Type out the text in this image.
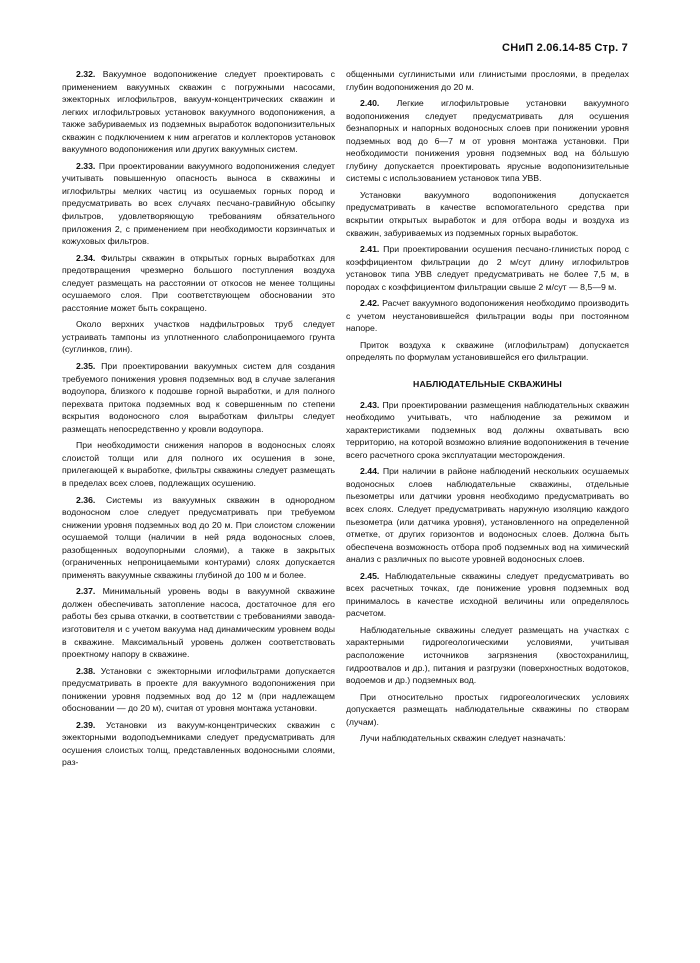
СНиП 2.06.14-85 Стр. 7

2.32. Вакуумное водопонижение следует проектировать с применением вакуумных скважин с погружными насосами, эжекторных иглофильтров, вакуум-концентрических скважин и легких иглофильтровых установок вакуумного водопонижения, а также забуриваемых из подземных выработок водопонизительных скважин с подключением к ним агрегатов и коллекторов установок вакуумного водопонижения или других вакуумных систем.

2.33. При проектировании вакуумного водопонижения следует учитывать повышенную опасность выноса в скважины и иглофильтры мелких частиц из осушаемых горных пород и предусматривать во всех случаях песчано-гравийную обсыпку фильтров, удовлетворяющую требованиям обязательного приложения 2, с применением при необходимости корзинчатых и кожуховых фильтров.

2.34. Фильтры скважин в открытых горных выработках для предотвращения чрезмерно большого поступления воздуха следует размещать на расстоянии от откосов не менее толщины осушаемого слоя. При соответствующем обосновании это расстояние может быть сокращено.

Около верхних участков надфильтровых труб следует устраивать тампоны из уплотненного слабопроницаемого грунта (суглинков, глин).

2.35. При проектировании вакуумных систем для создания требуемого понижения уровня подземных вод в случае залегания водоупора, близкого к подошве горной выработки, и для полного перехвата притока подземных вод к совершенным по степени вскрытия водоносного слоя выработкам фильтры следует размещать непосредственно у кровли водоупора.

При необходимости снижения напоров в водоносных слоях слоистой толщи или для полного их осушения в зоне, прилегающей к выработке, фильтры скважины следует размещать в пределах всех слоев, подлежащих осушению.

2.36. Системы из вакуумных скважин в однородном водоносном слое следует предусматривать при требуемом снижении уровня подземных вод до 20 м. При слоистом сложении осушаемой толщи (наличии в ней ряда водоносных слоев, разобщенных водоупорными слоями), а также в закрытых (ограниченных непроницаемыми контурами) слоях допускается применять вакуумные скважины глубиной до 100 м и более.

2.37. Минимальный уровень воды в вакуумной скважине должен обеспечивать затопление насоса, достаточное для его работы без срыва откачки, в соответствии с требованиями завода-изготовителя и с учетом вакуума над динамическим уровнем воды в скважине. Максимальный уровень должен соответствовать проектному напору в скважине.

2.38. Установки с эжекторными иглофильтрами допускается предусматривать в проекте для вакуумного водопонижения при понижении уровня подземных вод до 12 м (при надлежащем обосновании — до 20 м), считая от уровня монтажа установки.

2.39. Установки из вакуум-концентрических скважин с эжекторными водоподъемниками следует предусматривать для осушения слоистых толщ, представленных водоносными слоями, раз-

общенными суглинистыми или глинистыми прослоями, в пределах глубин водопонижения до 20 м.

2.40. Легкие иглофильтровые установки вакуумного водопонижения следует предусматривать для осушения безнапорных и напорных водоносных слоев при понижении уровня подземных вод до 6—7 м от уровня монтажа установки. При необходимости понижения уровня подземных вод на бо́льшую глубину допускается проектировать ярусные водопонизительные системы с использованием установок типа УВВ.

Установки вакуумного водопонижения допускается предусматривать в качестве вспомогательного средства при вскрытии открытых выработок и для отбора воды и воздуха из скважин, забуриваемых из подземных горных выработок.

2.41. При проектировании осушения песчано-глинистых пород с коэффициентом фильтрации до 2 м/сут длину иглофильтров установок типа УВВ следует предусматривать не более 7,5 м, в породах с коэффициентом фильтрации свыше 2 м/сут — 8,5—9 м.

2.42. Расчет вакуумного водопонижения необходимо производить с учетом неустановившейся фильтрации воды при постоянном напоре.

Приток воздуха к скважине (иглофильтрам) допускается определять по формулам установившейся его фильтрации.

НАБЛЮДАТЕЛЬНЫЕ СКВАЖИНЫ

2.43. При проектировании размещения наблюдательных скважин необходимо учитывать, что наблюдение за режимом и характеристиками подземных вод должны охватывать всю территорию, на которой возможно влияние водопонижения в течение всего расчетного срока эксплуатации месторождения.

2.44. При наличии в районе наблюдений нескольких осушаемых водоносных слоев наблюдательные скважины, отдельные пьезометры или датчики уровня необходимо предусматривать во всех слоях. Следует предусматривать наружную изоляцию каждого пьезометра (или датчика уровня), установленного на определенной отметке, от других горизонтов и водоносных слоев. Должна быть обеспечена возможность отбора проб подземных вод на химический анализ с различных по высоте уровней водоносных слоев.

2.45. Наблюдательные скважины следует предусматривать во всех расчетных точках, где понижение уровня подземных вод принималось в качестве исходной величины или определялось расчетом.

Наблюдательные скважины следует размещать на участках с характерными гидрогеологическими условиями, учитывая расположение источников загрязнения (хвостохранилищ, гидроотвалов и др.), питания и разгрузки (поверхностных водотоков, водоемов и др.) подземных вод.

При относительно простых гидрогеологических условиях допускается размещать наблюдательные скважины по створам (лучам).

Лучи наблюдательных скважин следует назначать:
